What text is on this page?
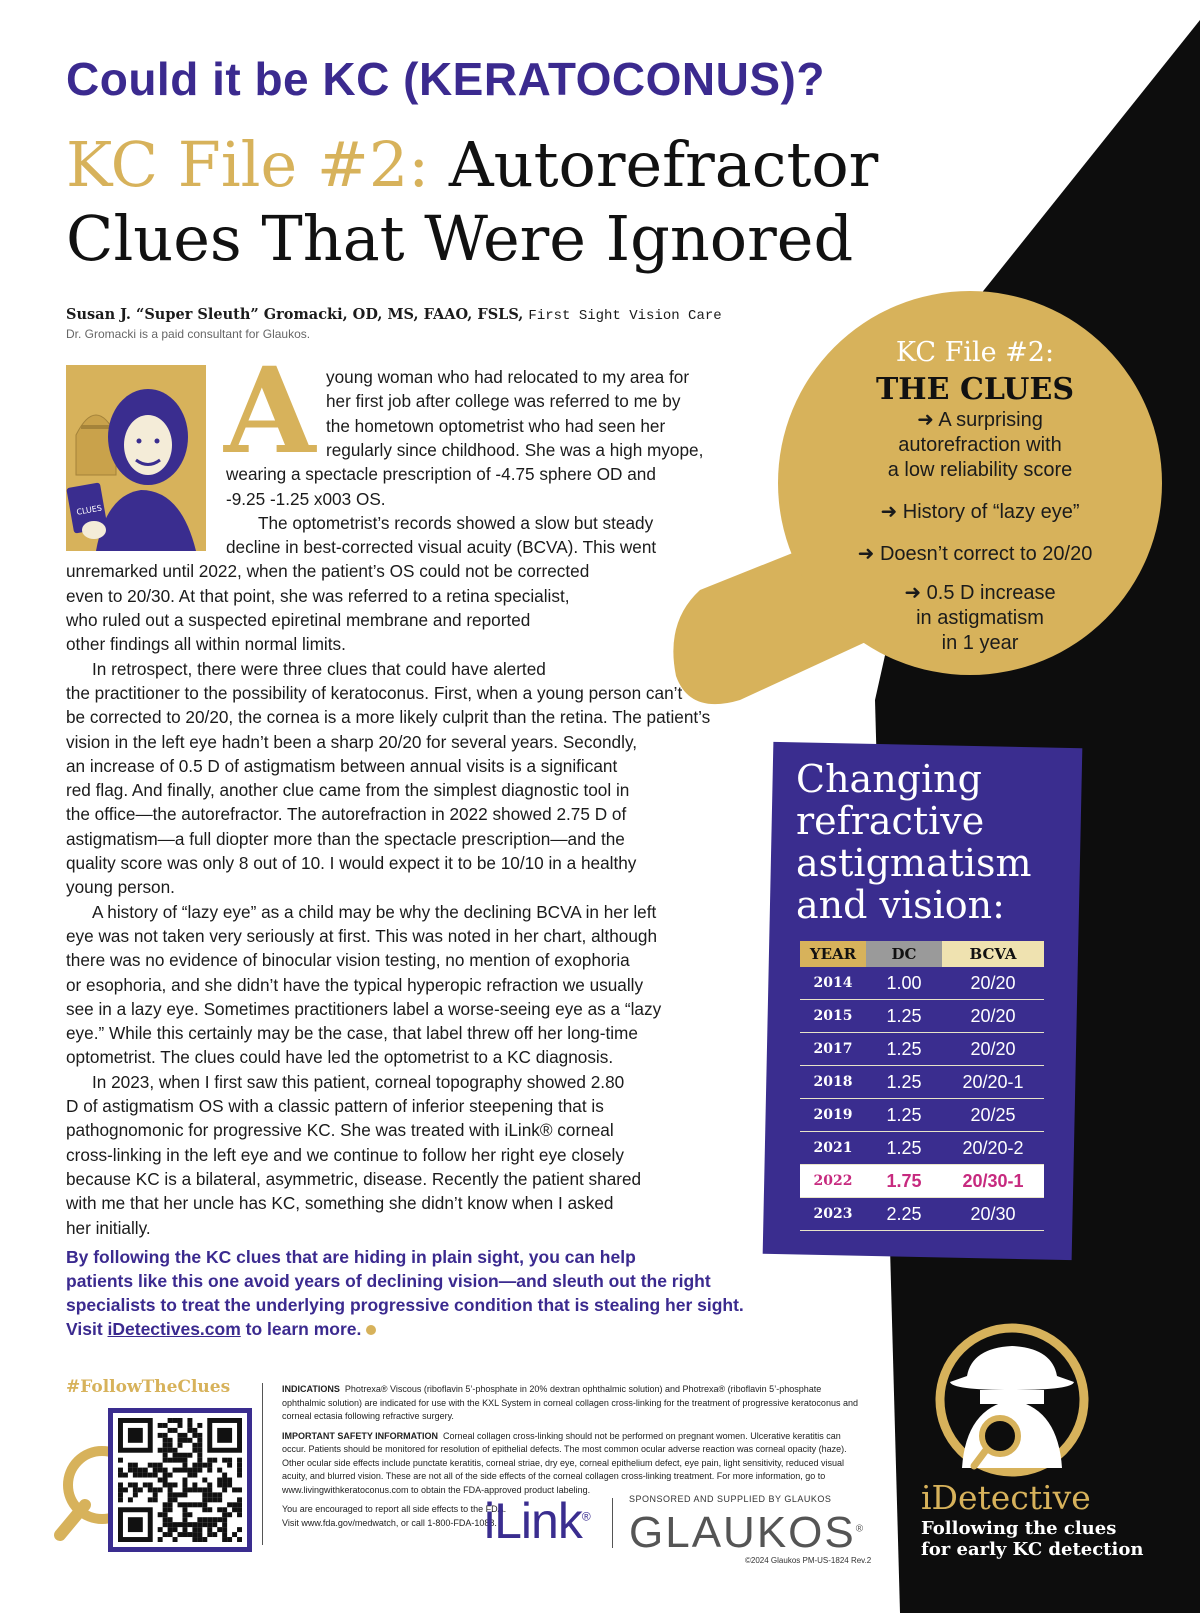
Could it be KC (KERATOCONUS)?
KC File #2: Autorefractor
Clues That Were Ignored
Susan J. “Super Sleuth” Gromacki, OD, MS, FAAO, FSLS, First Sight Vision Care
Dr. Gromacki is a paid consultant for Glaukos.
CLUES
A young woman who had relocated to my area for
her first job after college was referred to me by
the hometown optometrist who had seen her
regularly since childhood. She was a high myope,
wearing a spectacle prescription of -4.75 sphere OD and
-9.25 -1.25 x003 OS.
The optometrist’s records showed a slow but steady
decline in best-corrected visual acuity (BCVA). This went
unremarked until 2022, when the patient’s OS could not be corrected
even to 20/30. At that point, she was referred to a retina specialist,
who ruled out a suspected epiretinal membrane and reported
other findings all within normal limits.
In retrospect, there were three clues that could have alerted
the practitioner to the possibility of keratoconus. First, when a young person can’t
be corrected to 20/20, the cornea is a more likely culprit than the retina. The patient’s
vision in the left eye hadn’t been a sharp 20/20 for several years. Secondly,
an increase of 0.5 D of astigmatism between annual visits is a significant
red flag. And finally, another clue came from the simplest diagnostic tool in
the office—the autorefractor. The autorefraction in 2022 showed 2.75 D of
astigmatism—a full diopter more than the spectacle prescription—and the
quality score was only 8 out of 10. I would expect it to be 10/10 in a healthy
young person.
A history of “lazy eye” as a child may be why the declining BCVA in her left
eye was not taken very seriously at first. This was noted in her chart, although
there was no evidence of binocular vision testing, no mention of exophoria
or esophoria, and she didn’t have the typical hyperopic refraction we usually
see in a lazy eye. Sometimes practitioners label a worse-seeing eye as a “lazy
eye.” While this certainly may be the case, that label threw off her long-time
optometrist. The clues could have led the optometrist to a KC diagnosis.
In 2023, when I first saw this patient, corneal topography showed 2.80
D of astigmatism OS with a classic pattern of inferior steepening that is
pathognomonic for progressive KC. She was treated with iLink® corneal
cross-linking in the left eye and we continue to follow her right eye closely
because KC is a bilateral, asymmetric, disease. Recently the patient shared
with me that her uncle has KC, something she didn’t know when I asked
her initially.
By following the KC clues that are hiding in plain sight, you can help
patients like this one avoid years of declining vision—and sleuth out the right
specialists to treat the underlying progressive condition that is stealing her sight.
Visit iDetectives.com to learn more.
KC File #2:
THE CLUES
➜ A surprising
autorefraction with
a low reliability score
➜ History of “lazy eye”
➜ Doesn’t correct to 20/20
➜ 0.5 D increase
in astigmatism
in 1 year
Changing
refractive
astigmatism
and vision:
YEAR	DC	BCVA
2014	1.00	20/20
2015	1.25	20/20
2017	1.25	20/20
2018	1.25	20/20-1
2019	1.25	20/25
2021	1.25	20/20-2
2022	1.75	20/30-1
2023	2.25	20/30
#FollowTheClues	INDICATIONS Photrexa® Viscous (riboflavin 5’-phosphate in 20% dextran ophthalmic solution) and Photrexa® (riboflavin 5’-phosphate ophthalmic solution) are indicated for use with the KXL System in corneal collagen cross-linking for the treatment of progressive keratoconus and corneal ectasia following refractive surgery.
IMPORTANT SAFETY INFORMATION Corneal collagen cross-linking should not be performed on pregnant women. Ulcerative keratitis can occur. Patients should be monitored for resolution of epithelial defects. The most common ocular adverse reaction was corneal opacity (haze). Other ocular side effects include punctate keratitis, corneal striae, dry eye, corneal epithelium defect, eye pain, light sensitivity, reduced visual acuity, and blurred vision. These are not all of the side effects of the corneal collagen cross-linking treatment. For more information, go to www.livingwithkeratoconus.com to obtain the FDA-approved product labeling.
You are encouraged to report all side effects to the FDA.
Visit www.fda.gov/medwatch, or call 1-800-FDA-1088.
iLink®
SPONSORED AND SUPPLIED BY GLAUKOS
GLAUKOS®
©2024 Glaukos PM-US-1824 Rev.2
iDetective
Following the clues
for early KC detection
